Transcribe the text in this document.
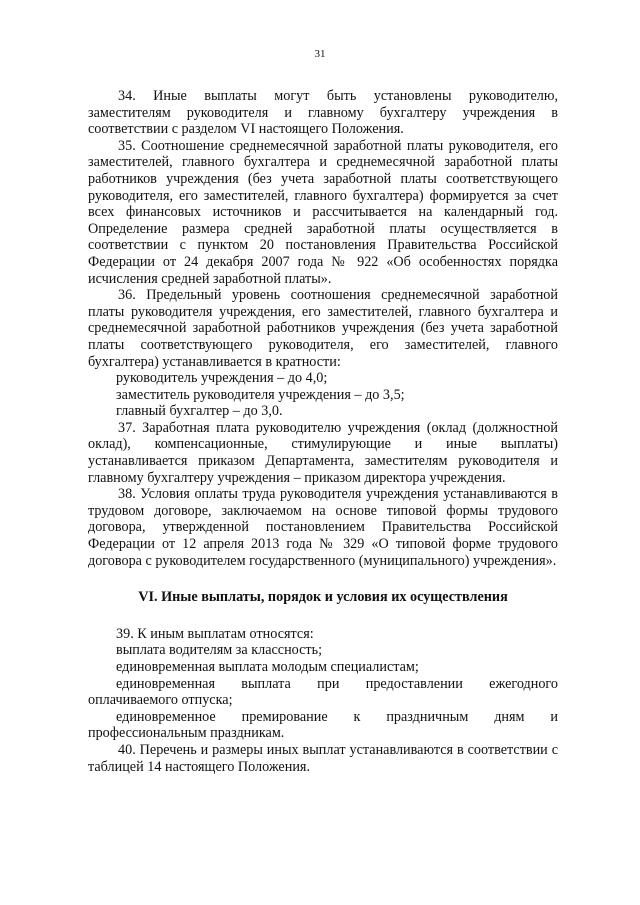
31

34. Иные выплаты могут быть установлены руководителю, заместителям руководителя и главному бухгалтеру учреждения в соответствии с разделом VI настоящего Положения.

35. Соотношение среднемесячной заработной платы руководителя, его заместителей, главного бухгалтера и среднемесячной заработной платы работников учреждения (без учета заработной платы соответствующего руководителя, его заместителей, главного бухгалтера) формируется за счет всех финансовых источников и рассчитывается на календарный год. Определение размера средней заработной платы осуществляется в соответствии с пунктом 20 постановления Правительства Российской Федерации от 24 декабря 2007 года № 922 «Об особенностях порядка исчисления средней заработной платы».

36. Предельный уровень соотношения среднемесячной заработной платы руководителя учреждения, его заместителей, главного бухгалтера и среднемесячной заработной работников учреждения (без учета заработной платы соответствующего руководителя, его заместителей, главного бухгалтера) устанавливается в кратности:

руководитель учреждения – до 4,0;

заместитель руководителя учреждения – до 3,5;

главный бухгалтер – до 3,0.

37. Заработная плата руководителю учреждения (оклад (должностной оклад), компенсационные, стимулирующие и иные выплаты) устанавливается приказом Департамента, заместителям руководителя и главному бухгалтеру учреждения – приказом директора учреждения.

38. Условия оплаты труда руководителя учреждения устанавливаются в трудовом договоре, заключаемом на основе типовой формы трудового договора, утвержденной постановлением Правительства Российской Федерации от 12 апреля 2013 года № 329 «О типовой форме трудового договора с руководителем государственного (муниципального) учреждения».

VI. Иные выплаты, порядок и условия их осуществления

39. К иным выплатам относятся:

выплата водителям за классность;

единовременная выплата молодым специалистам;

единовременная выплата при предоставлении ежегодного оплачиваемого отпуска;

единовременное премирование к праздничным дням и профессиональным праздникам.

40. Перечень и размеры иных выплат устанавливаются в соответствии с таблицей 14 настоящего Положения.
